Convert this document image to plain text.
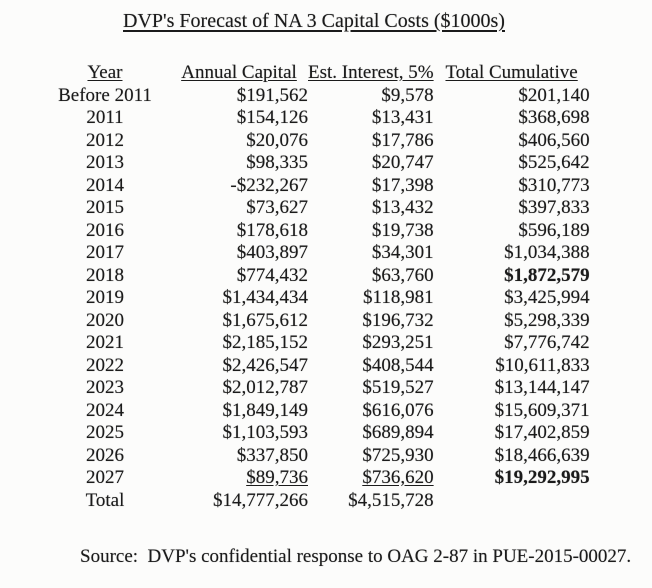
DVP's Forecast of NA 3 Capital Costs ($1000s)
Year	Annual Capital	Est. Interest, 5%	Total Cumulative
Before 2011	$191,562	$9,578	$201,140
2011	$154,126	$13,431	$368,698
2012	$20,076	$17,786	$406,560
2013	$98,335	$20,747	$525,642
2014	-$232,267	$17,398	$310,773
2015	$73,627	$13,432	$397,833
2016	$178,618	$19,738	$596,189
2017	$403,897	$34,301	$1,034,388
2018	$774,432	$63,760	$1,872,579
2019	$1,434,434	$118,981	$3,425,994
2020	$1,675,612	$196,732	$5,298,339
2021	$2,185,152	$293,251	$7,776,742
2022	$2,426,547	$408,544	$10,611,833
2023	$2,012,787	$519,527	$13,144,147
2024	$1,849,149	$616,076	$15,609,371
2025	$1,103,593	$689,894	$17,402,859
2026	$337,850	$725,930	$18,466,639
2027	$89,736	$736,620	$19,292,995
Total	$14,777,266	$4,515,728	
Source:  DVP's confidential response to OAG 2-87 in PUE-2015-00027.
